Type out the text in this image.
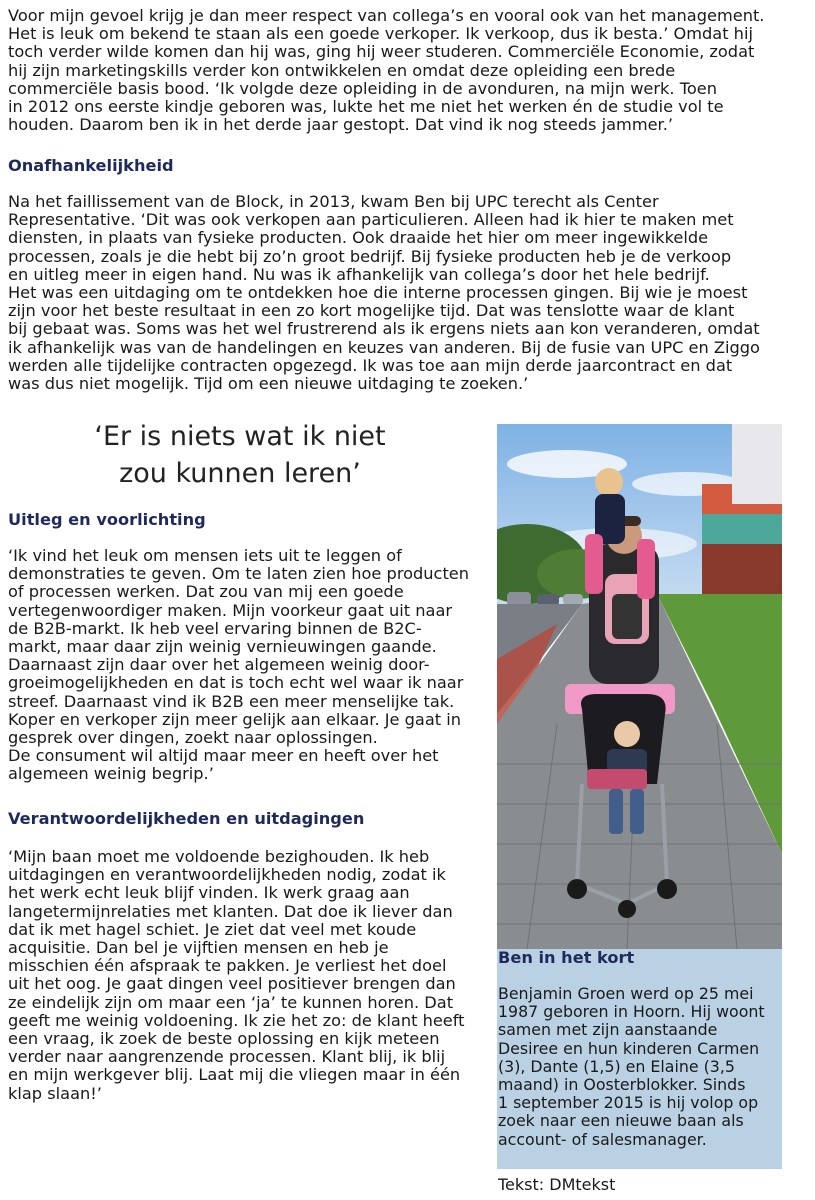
Voor mijn gevoel krijg je dan meer respect van collega’s en vooral ook van het management.
Het is leuk om bekend te staan als een goede verkoper. Ik verkoop, dus ik besta.’ Omdat hij
toch verder wilde komen dan hij was, ging hij weer studeren. Commerciële Economie, zodat
hij zijn marketingskills verder kon ontwikkelen en omdat deze opleiding een brede
commerciële basis bood. ‘Ik volgde deze opleiding in de avonduren, na mijn werk. Toen
in 2012 ons eerste kindje geboren was, lukte het me niet het werken én de studie vol te
houden. Daarom ben ik in het derde jaar gestopt. Dat vind ik nog steeds jammer.’

Onafhankelijkheid

Na het faillissement van de Block, in 2013, kwam Ben bij UPC terecht als Center
Representative. ‘Dit was ook verkopen aan particulieren. Alleen had ik hier te maken met
diensten, in plaats van fysieke producten. Ook draaide het hier om meer ingewikkelde
processen, zoals je die hebt bij zo’n groot bedrijf. Bij fysieke producten heb je de verkoop
en uitleg meer in eigen hand. Nu was ik afhankelijk van collega’s door het hele bedrijf.
Het was een uitdaging om te ontdekken hoe die interne processen gingen. Bij wie je moest
zijn voor het beste resultaat in een zo kort mogelijke tijd. Dat was tenslotte waar de klant
bij gebaat was. Soms was het wel frustrerend als ik ergens niets aan kon veranderen, omdat
ik afhankelijk was van de handelingen en keuzes van anderen. Bij de fusie van UPC en Ziggo
werden alle tijdelijke contracten opgezegd. Ik was toe aan mijn derde jaarcontract en dat
was dus niet mogelijk. Tijd om een nieuwe uitdaging te zoeken.’

‘Er is niets wat ik niet
zou kunnen leren’

Uitleg en voorlichting

‘Ik vind het leuk om mensen iets uit te leggen of
demonstraties te geven. Om te laten zien hoe producten
of processen werken. Dat zou van mij een goede
vertegenwoordiger maken. Mijn voorkeur gaat uit naar
de B2B-markt. Ik heb veel ervaring binnen de B2C-
markt, maar daar zijn weinig vernieuwingen gaande.
Daarnaast zijn daar over het algemeen weinig door-
groeimogelijkheden en dat is toch echt wel waar ik naar
streef. Daarnaast vind ik B2B een meer menselijke tak.
Koper en verkoper zijn meer gelijk aan elkaar. Je gaat in
gesprek over dingen, zoekt naar oplossingen.
De consument wil altijd maar meer en heeft over het
algemeen weinig begrip.’

Verantwoordelijkheden en uitdagingen

‘Mijn baan moet me voldoende bezighouden. Ik heb
uitdagingen en verantwoordelijkheden nodig, zodat ik
het werk echt leuk blijf vinden. Ik werk graag aan
langetermijnrelaties met klanten. Dat doe ik liever dan
dat ik met hagel schiet. Je ziet dat veel met koude
acquisitie. Dan bel je vijftien mensen en heb je
misschien één afspraak te pakken. Je verliest het doel
uit het oog. Je gaat dingen veel positiever brengen dan
ze eindelijk zijn om maar een ‘ja’ te kunnen horen. Dat
geeft me weinig voldoening. Ik zie het zo: de klant heeft
een vraag, ik zoek de beste oplossing en kijk meteen
verder naar aangrenzende processen. Klant blij, ik blij
en mijn werkgever blij. Laat mij die vliegen maar in één
klap slaan!’

Ben in het kort

Benjamin Groen werd op 25 mei
1987 geboren in Hoorn. Hij woont
samen met zijn aanstaande
Desiree en hun kinderen Carmen
(3), Dante (1,5) en Elaine (3,5
maand) in Oosterblokker. Sinds
1 september 2015 is hij volop op
zoek naar een nieuwe baan als
account- of salesmanager.

Tekst: DMtekst
